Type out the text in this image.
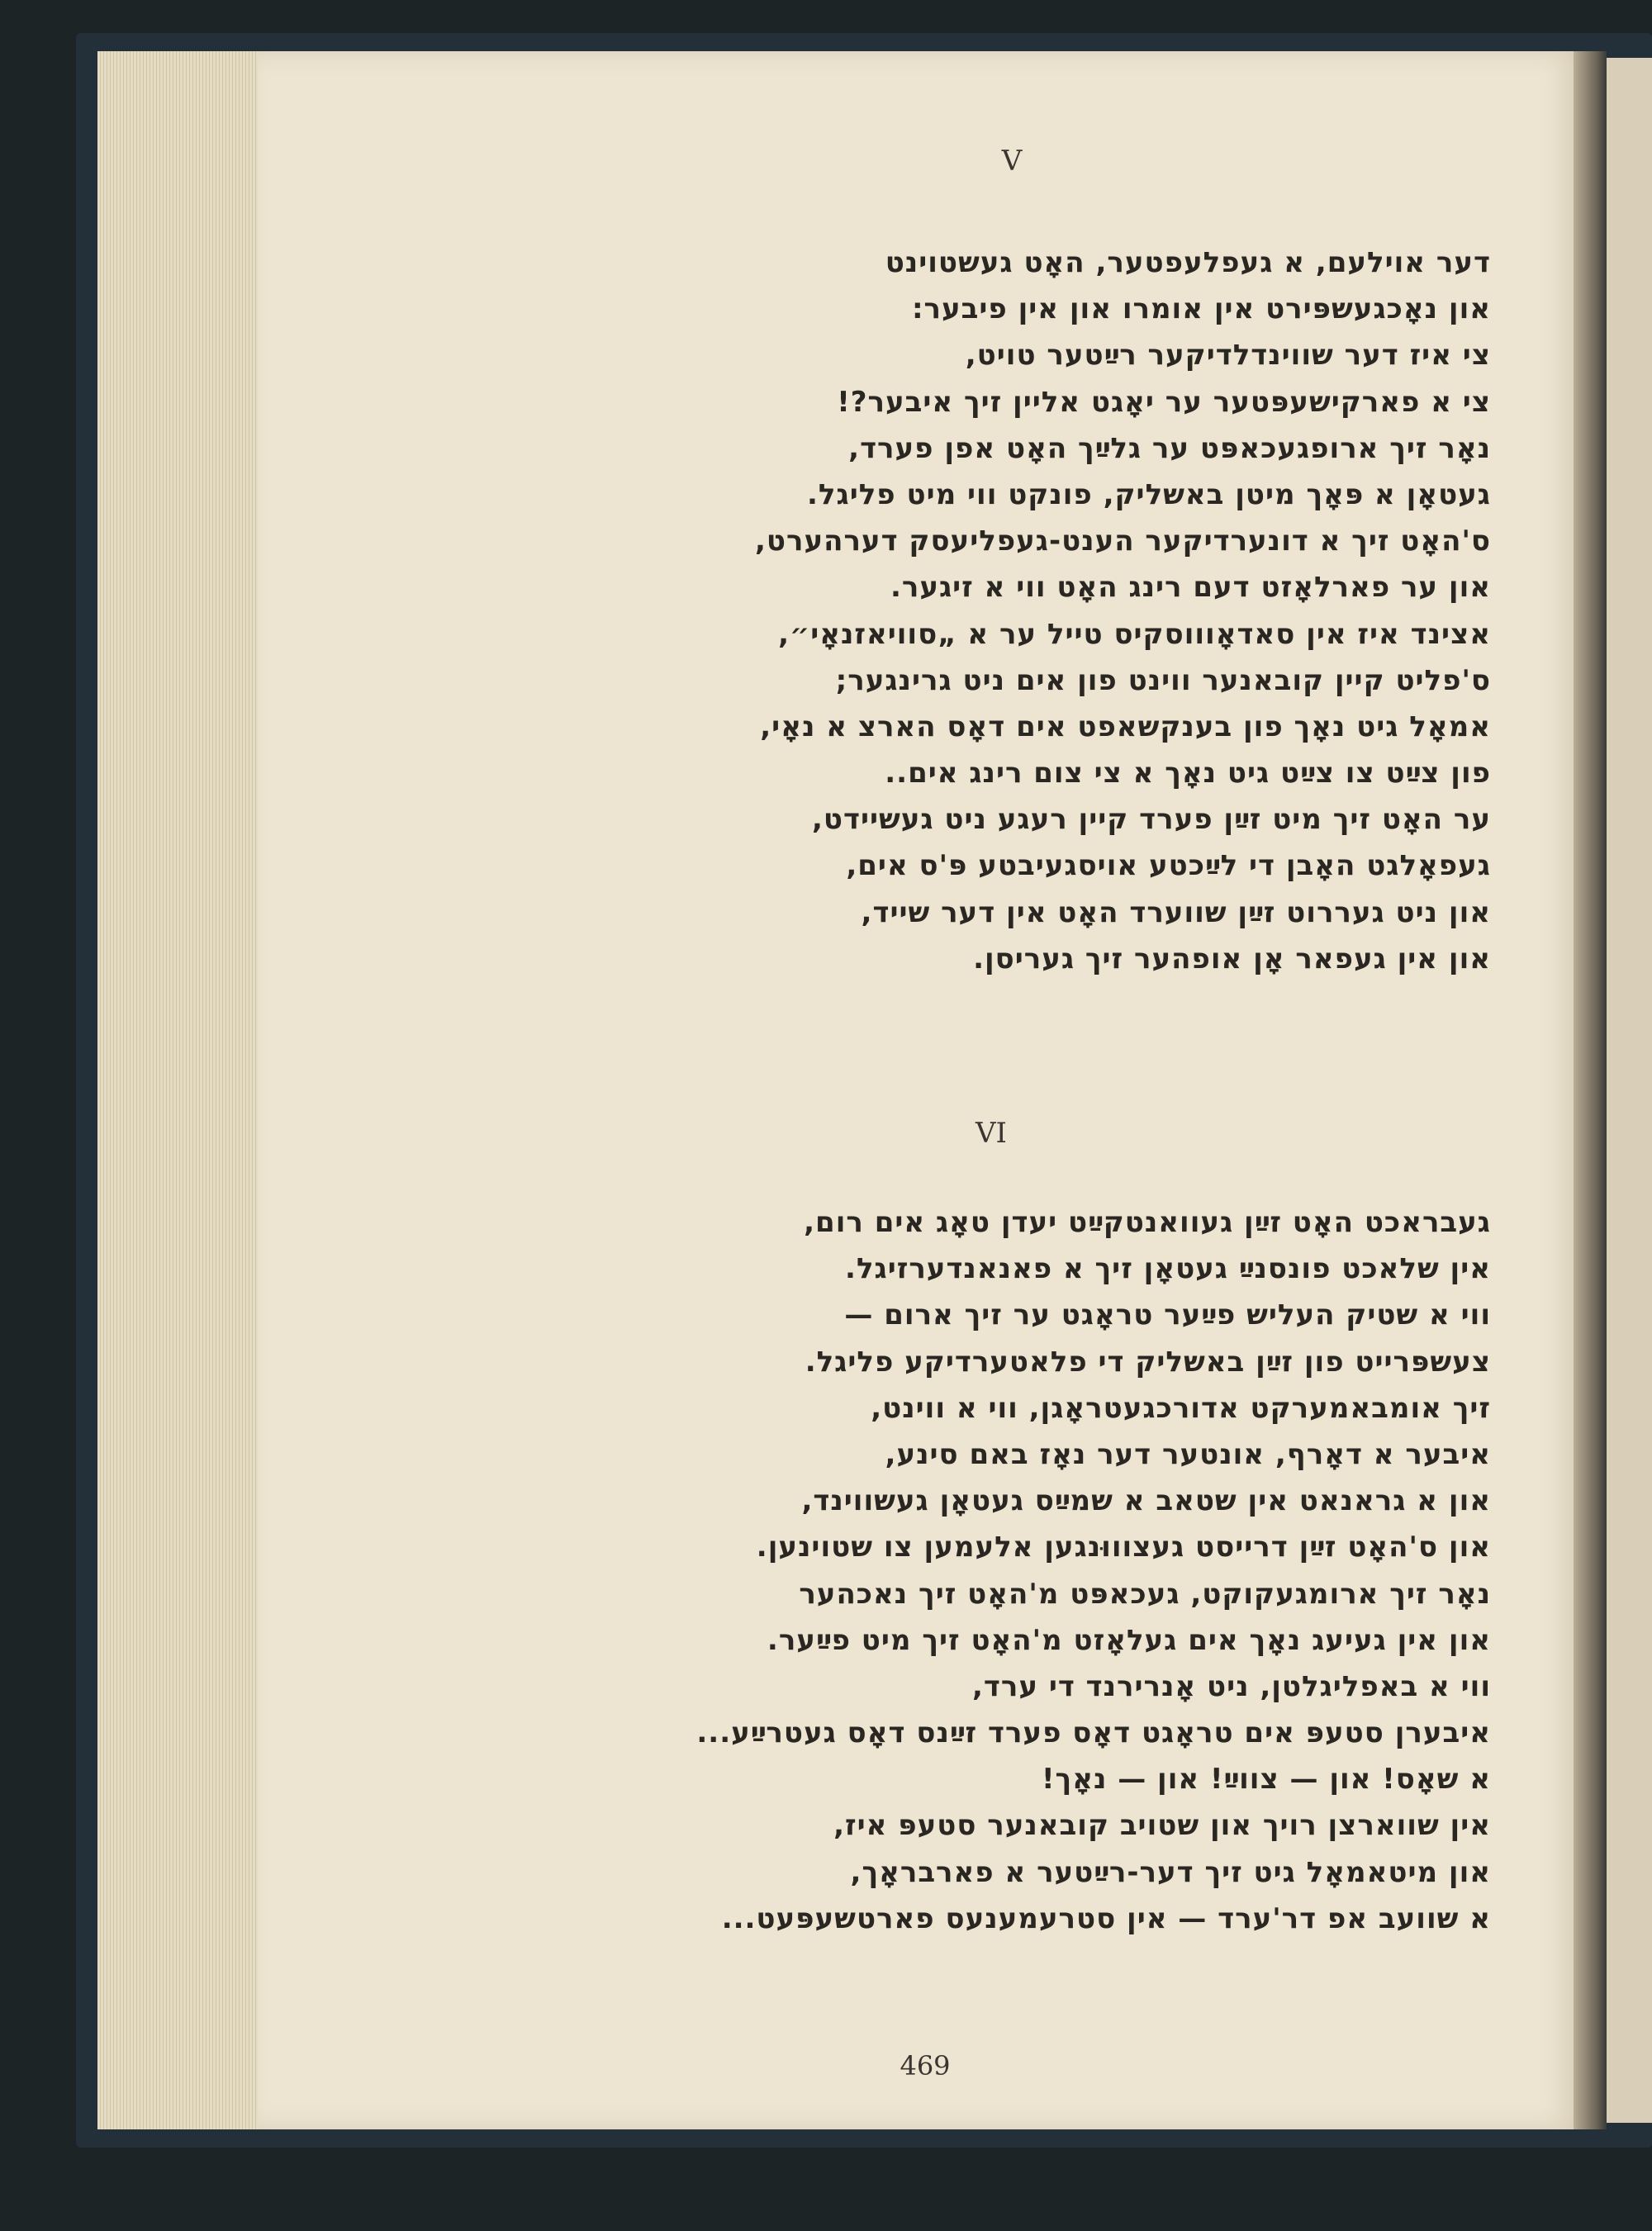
V
דער אוילעם, א געפלעפטער, האָט געשטוינט
און נאָכגעשפּירט אין אומרו און אין פיבער:
צי איז דער שווינדלדיקער רײַטער טויט,
צי א פארקישעפּטער ער יאָגט אליין זיך איבער?!
נאָר זיך ארופגעכאפּט ער גלײַך האָט אפן פערד,
געטאָן א פּאָך מיטן באשליק, פונקט ווי מיט פליגל.
ס'האָט זיך א דונערדיקער הענט-געפליעסק דערהערט,
און ער פארלאָזט דעם רינג האָט ווי א זיגער.
אצינד איז אין סאדאָוווסקיס טייל ער א „סוויאזנאָי״,
ס'פליט קיין קובאנער ווינט פון אים ניט גרינגער;
אמאָל גיט נאָך פון בענקשאפט אים דאָס הארצ א נאָי,
פון צײַט צו צײַט גיט נאָך א צי צום רינג אים..
ער האָט זיך מיט זײַן פערד קיין רעגע ניט געשיידט,
געפאָלגט האָבן די לײַכטע אויסגעיבטע פּ'ס אים,
און ניט געררוט זײַן שווערד האָט אין דער שייד,
און אין געפאר אָן אופהער זיך געריסן.
VI
געבראכט האָט זײַן געוואנטקײַט יעדן טאָג אים רום,
אין שלאכט פונסנײַ געטאָן זיך א פאנאנדערזיגל.
ווי א שטיק העליש פײַער טראָגט ער זיך ארום —
צעשפּרייט פון זײַן באשליק די פלאטערדיקע פליגל.
זיך אומבאמערקט אדורכגעטראָגן, ווי א ווינט,
איבער א דאָרף, אונטער דער נאָז באם סינע,
און א גראנאט אין שטאב א שמײַס געטאָן געשווינד,
און ס'האָט זײַן דרייסט געצוווּנגען אלעמען צו שטוינען.
נאָר זיך ארומגעקוקט, געכאפּט מ'האָט זיך נאכהער
און אין געיעג נאָך אים געלאָזט מ'האָט זיך מיט פײַער.
ווי א באפליגלטן, ניט אָנרירנד די ערד,
איבערן סטעפּ אים טראָגט דאָס פערד זײַנס דאָס געטרײַע...
א שאָס! און — צווײַ! און — נאָך!
אין שווארצן רויך און שטויב קובאנער סטעפּ איז,
און מיטאמאָל גיט זיך דער-רײַטער א פארבראָך,
א שוועב אפ דר'ערד — אין סטרעמענעס פארטשעפּעט...
469
